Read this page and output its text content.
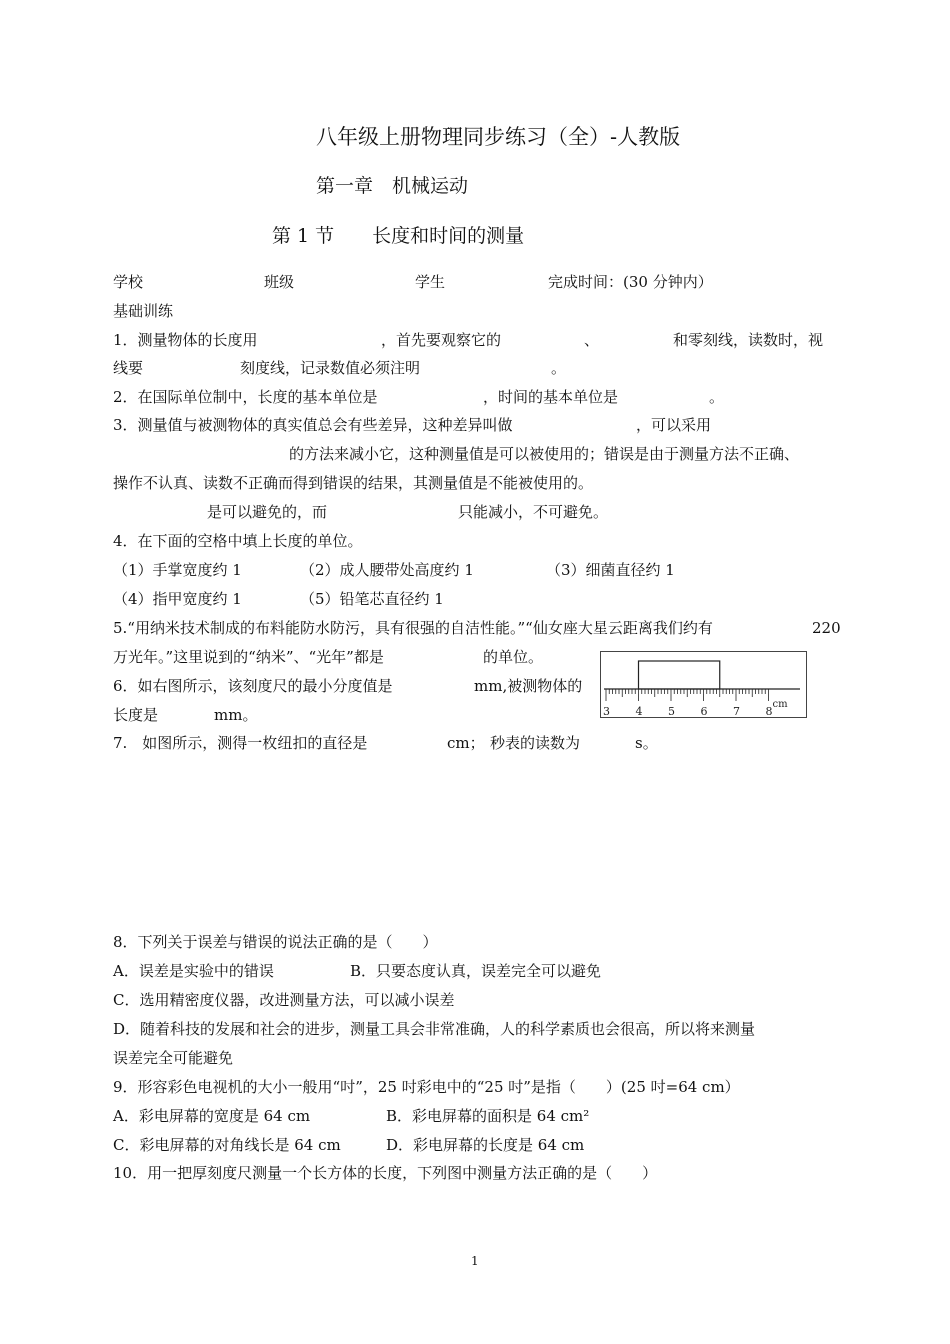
八年级上册物理同步练习（全）-人教版
第一章　机械运动
第 1 节　　长度和时间的测量
学校	班级	学生	完成时间：(30 分钟内）
基础训练
1．测量物体的长度用	，首先要观察它的	、	和零刻线，读数时，视
线要	刻度线，记录数值必须注明	。
2．在国际单位制中，长度的基本单位是	，时间的基本单位是	。
3．测量值与被测物体的真实值总会有些差异，这种差异叫做	，可以采用
的方法来减小它，这种测量值是可以被使用的；错误是由于测量方法不正确、
操作不认真、读数不正确而得到错误的结果，其测量值是不能被使用的。
是可以避免的，而	只能减小，不可避免。
4．在下面的空格中填上长度的单位。
（1）手掌宽度约 1	（2）成人腰带处高度约 1	（3）细菌直径约 1
（4）指甲宽度约 1	（5）铅笔芯直径约 1
5.“用纳米技术制成的布料能防水防污，具有很强的自洁性能。”“仙女座大星云距离我们约有	220
万光年。”这里说到的“纳米”、“光年”都是	的单位。
6．如右图所示，该刻度尺的最小分度值是	mm,被测物体的
长度是	mm。	3 4 5 6 7 8
cm
7.　如图所示，测得一枚纽扣的直径是	cm； 秒表的读数为	s。
8．下列关于误差与错误的说法正确的是（　　）
A．误差是实验中的错误	B．只要态度认真，误差完全可以避免
C．选用精密度仪器，改进测量方法，可以减小误差
D．随着科技的发展和社会的进步，测量工具会非常准确，人的科学素质也会很高，所以将来测量
误差完全可能避免
9．形容彩色电视机的大小一般用“吋”，25 吋彩电中的“25 吋”是指（　　）(25 吋=64 cm）
A．彩电屏幕的宽度是 64 cm	B．彩电屏幕的面积是 64 cm²
C．彩电屏幕的对角线长是 64 cm	D．彩电屏幕的长度是 64 cm
10．用一把厚刻度尺测量一个长方体的长度，下列图中测量方法正确的是（　　）
1
